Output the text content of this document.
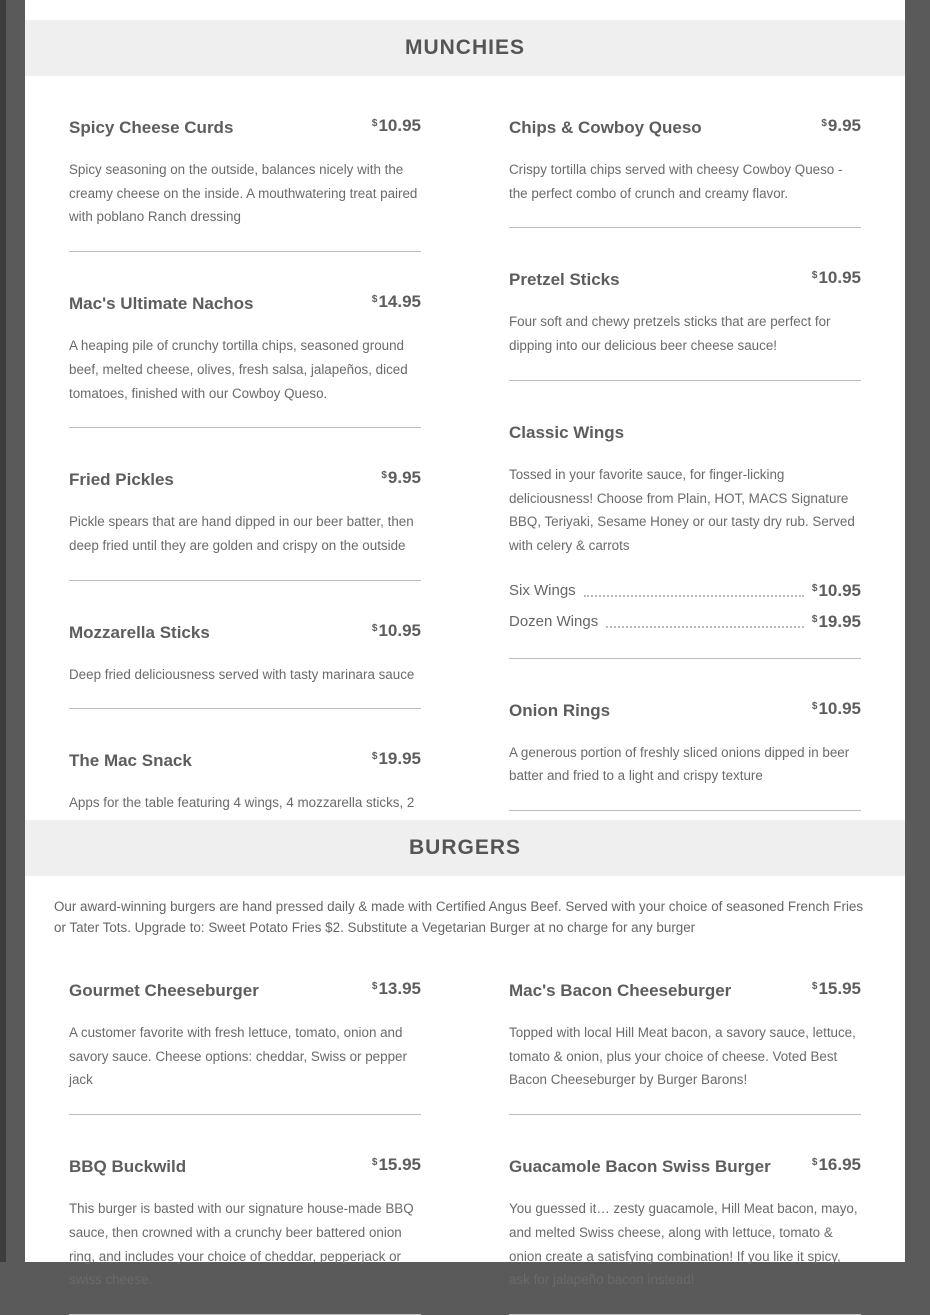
MUNCHIES
Spicy Cheese Curds	$10.95
Spicy seasoning on the outside, balances nicely with the creamy cheese on the inside. A mouthwatering treat paired with poblano Ranch dressing
Mac's Ultimate Nachos	$14.95
A heaping pile of crunchy tortilla chips, seasoned ground beef, melted cheese, olives, fresh salsa, jalapeños, diced tomatoes, finished with our Cowboy Queso.
Fried Pickles	$9.95
Pickle spears that are hand dipped in our beer batter, then deep fried until they are golden and crispy on the outside
Mozzarella Sticks	$10.95
Deep fried deliciousness served with tasty marinara sauce
The Mac Snack	$19.95
Apps for the table featuring 4 wings, 4 mozzarella sticks, 2
Chips & Cowboy Queso	$9.95
Crispy tortilla chips served with cheesy Cowboy Queso - the perfect combo of crunch and creamy flavor.
Pretzel Sticks	$10.95
Four soft and chewy pretzels sticks that are perfect for dipping into our delicious beer cheese sauce!
Classic Wings
Tossed in your favorite sauce, for finger-licking deliciousness! Choose from Plain, HOT, MACS Signature BBQ, Teriyaki, Sesame Honey or our tasty dry rub. Served with celery & carrots
Six Wings	$10.95
Dozen Wings	$19.95
Onion Rings	$10.95
A generous portion of freshly sliced onions dipped in beer batter and fried to a light and crispy texture
BURGERS
Our award-winning burgers are hand pressed daily & made with Certified Angus Beef. Served with your choice of seasoned French Fries or Tater Tots. Upgrade to: Sweet Potato Fries $2. Substitute a Vegetarian Burger at no charge for any burger
Gourmet Cheeseburger	$13.95
A customer favorite with fresh lettuce, tomato, onion and savory sauce. Cheese options: cheddar, Swiss or pepper jack
BBQ Buckwild	$15.95
This burger is basted with our signature house-made BBQ sauce, then crowned with a crunchy beer battered onion ring, and includes your choice of cheddar, pepperjack or swiss cheese.
Mac's Bacon Cheeseburger	$15.95
Topped with local Hill Meat bacon, a savory sauce, lettuce, tomato & onion, plus your choice of cheese. Voted Best Bacon Cheeseburger by Burger Barons!
Guacamole Bacon Swiss Burger	$16.95
You guessed it… zesty guacamole, Hill Meat bacon, mayo, and melted Swiss cheese, along with lettuce, tomato & onion create a satisfying combination! If you like it spicy, ask for jalapeño bacon instead!
